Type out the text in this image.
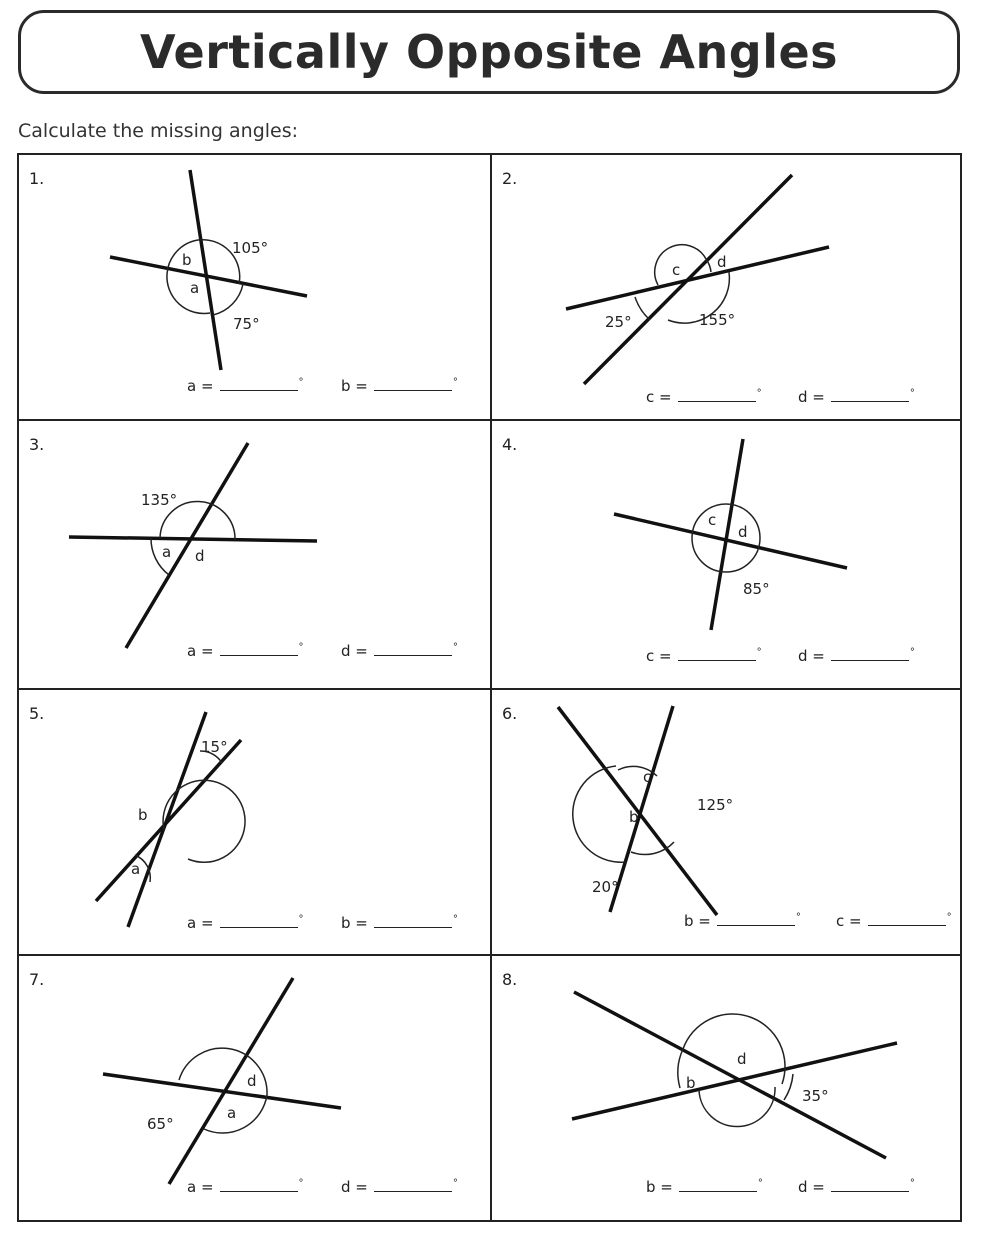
Vertically Opposite Angles
Calculate the missing angles:
1.
b
a
105°
75°
a =	° b =	°
2.
c d
25°	155°
c =	° d =	°
3.
135°
a d
a =	° d =	°
4.
c
d
85°
c =	° d =	°
5.
15°
b
a
a =	° b =	°
6.
c
b
125°
20°
b =	° c =	°
7.
d
a
65°
a =	° d =	°
8.
d
b
35°
b =	° d =	°
